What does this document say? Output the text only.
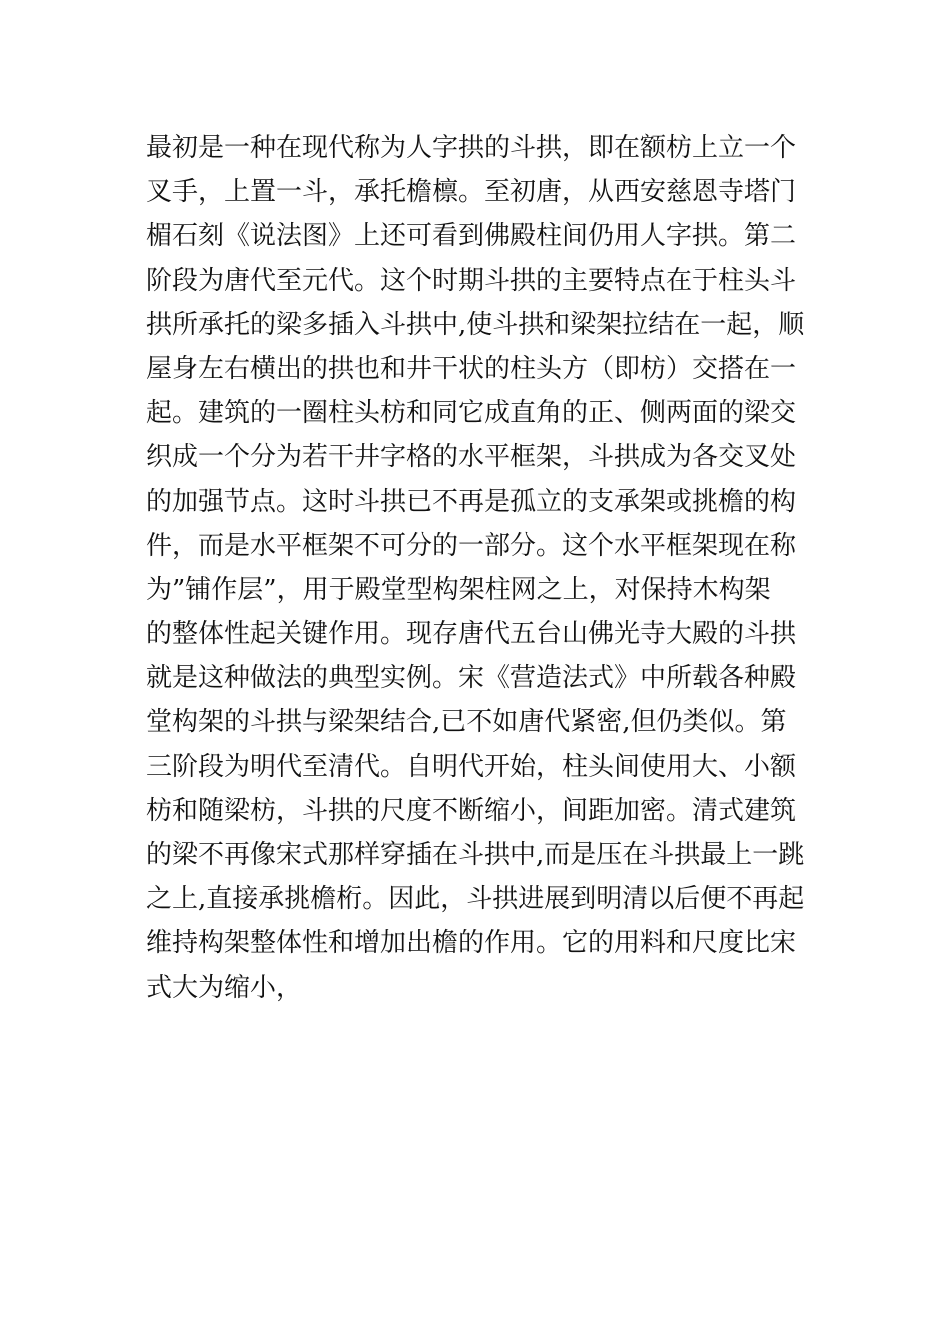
最初是一种在现代称为人字拱的斗拱，即在额枋上立一个
叉手，上置一斗，承托檐檩。至初唐，从西安慈恩寺塔门
楣石刻《说法图》上还可看到佛殿柱间仍用人字拱。第二
阶段为唐代至元代。这个时期斗拱的主要特点在于柱头斗
拱所承托的梁多插入斗拱中,使斗拱和梁架拉结在一起，顺
屋身左右横出的拱也和井干状的柱头方（即枋）交搭在一
起。建筑的一圈柱头枋和同它成直角的正、侧两面的梁交
织成一个分为若干井字格的水平框架，斗拱成为各交叉处
的加强节点。这时斗拱已不再是孤立的支承架或挑檐的构
件，而是水平框架不可分的一部分。这个水平框架现在称
为”铺作层”，用于殿堂型构架柱网之上，对保持木构架
的整体性起关键作用。现存唐代五台山佛光寺大殿的斗拱
就是这种做法的典型实例。宋《营造法式》中所载各种殿
堂构架的斗拱与梁架结合,已不如唐代紧密,但仍类似。第
三阶段为明代至清代。自明代开始，柱头间使用大、小额
枋和随梁枋，斗拱的尺度不断缩小，间距加密。清式建筑
的梁不再像宋式那样穿插在斗拱中,而是压在斗拱最上一跳
之上,直接承挑檐桁。因此，斗拱进展到明清以后便不再起
维持构架整体性和增加出檐的作用。它的用料和尺度比宋
式大为缩小，
